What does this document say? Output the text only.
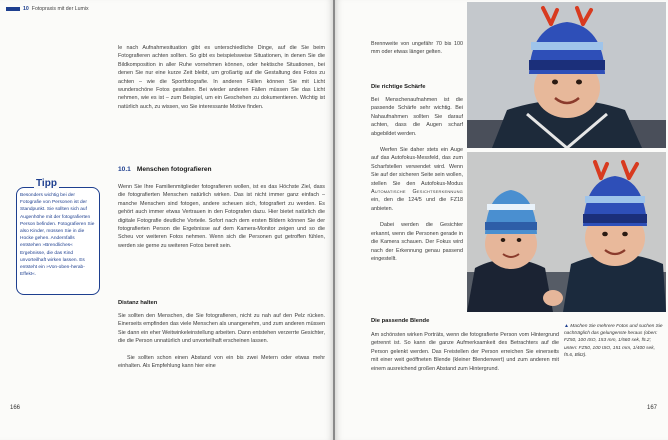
10 Fotopraxis mit der Lumix

le nach Aufnahmesituation gibt es unterschiedliche Dinge, auf die Sie beim Fotografieren achten sollten. So gibt es beispielsweise Situationen, in denen Sie die Bildkomposition in aller Ruhe vornehmen können, oder hektische Situationen, bei denen Sie nur eine kurze Zeit bleibt, um großartig auf die Gestaltung des Fotos zu achten – wie die Sportfotografie. In anderen Fällen können Sie mit Licht wunderschöne Fotos gestalten. Bei wieder anderen Fällen müssen Sie das Licht nehmen, wie es ist – zum Beispiel, um ein Geschehen zu dokumentieren. Wichtig ist natürlich auch, zu wissen, wo Sie interessante Motive finden.

10.1 Menschen fotografieren

Wenn Sie Ihre Familienmitglieder fotografieren wollen, ist es das Höchste Ziel, dass die fotografierten Menschen natürlich wirken. Das ist nicht immer ganz einfach – manche Menschen sind fotogen, andere scheuen sich, fotografiert zu werden. Es gehört auch immer etwas Vertrauen in den Fotografen dazu. Hier bietet natürlich die digitale Fotografie deutliche Vorteile. Sofort nach dem ersten Bildern können Sie der fotografierten Person die Ergebnisse auf dem Kamera-Monitor zeigen und so die Scheu vor weiteren Fotos nehmen. Wenn sich die Personen gut getroffen fühlen, werden sie gerne zu weiteren Fotos bereit sein.

Distanz halten

Sie sollten den Menschen, die Sie fotografieren, nicht zu nah auf den Pelz rücken. Einerseits empfinden das viele Menschen als unangenehm, und zum anderen müssen Sie dann ein eher Weitwinkeleinstellung arbeiten. Dann entstehen verzerrte Gesichter, die die Person unnatürlich und unvorteilhaft erscheinen lassen.

Sie sollten schon einen Abstand von ein bis zwei Metern oder etwas mehr einhalten. Als Empfehlung kann hier eine

Tipp
Besonders wichtig bei der Fotografie von Personen ist der Standpunkt. Sie sollten sich auf Augenhöhe mit der fotografierten Person befinden. Fotografieren Sie also Kinder, müssen Sie in die Hocke gehen. Andernfalls entstehen »Brendliches« Ergebnisse, die das Kind unvorteilhaft wirken lassen. Es entsteht ein »Von-oben-herab-Effekt«.
166

Brennweite von ungefähr 70 bis 100 mm oder etwas länger gelten.

Die richtige Schärfe

Bei Menschenaufnahmen ist die passende Schärfe sehr wichtig. Bei Nahaufnahmen sollten Sie darauf achten, dass die Augen scharf abgebildet werden.

Werfen Sie daher stets ein Auge auf das Autofokus-Messfeld, das zum Scharfstellen verwendet wird. Wenn Sie auf der sicheren Seite sein wollen, stellen Sie den Autofokus-Modus Automatische Gesichtserkennung ein, den die 124/5 und die FZ18 anbieten.

Dabei werden die Gesichter erkannt, wenn die Personen gerade in die Kamera schauen. Der Fokus wird nach der Erkennung genau passend eingestellt.

Die passende Blende

Am schönsten wirken Porträts, wenn die fotografierte Person vom Hintergrund getrennt ist. So kann die ganze Aufmerksamkeit des Betrachters auf die Person gelenkt werden. Das Freistellen der Person erreichen Sie einerseits mit einer weit geöffneten Blende (kleiner Blendenwert) und zum anderen mit einem ausreichend großen Abstand zum Hintergrund.

▲ Machen Sie mehrere Fotos und suchen Sie nachträglich das gelungenste heraus (oben: FZ50, 100 ISO, 153 mm, 1/560 sek, f5.2; unten: FZ50, 100 ISO, 151 mm, 1/400 sek, f5.6, Blitz).
167
